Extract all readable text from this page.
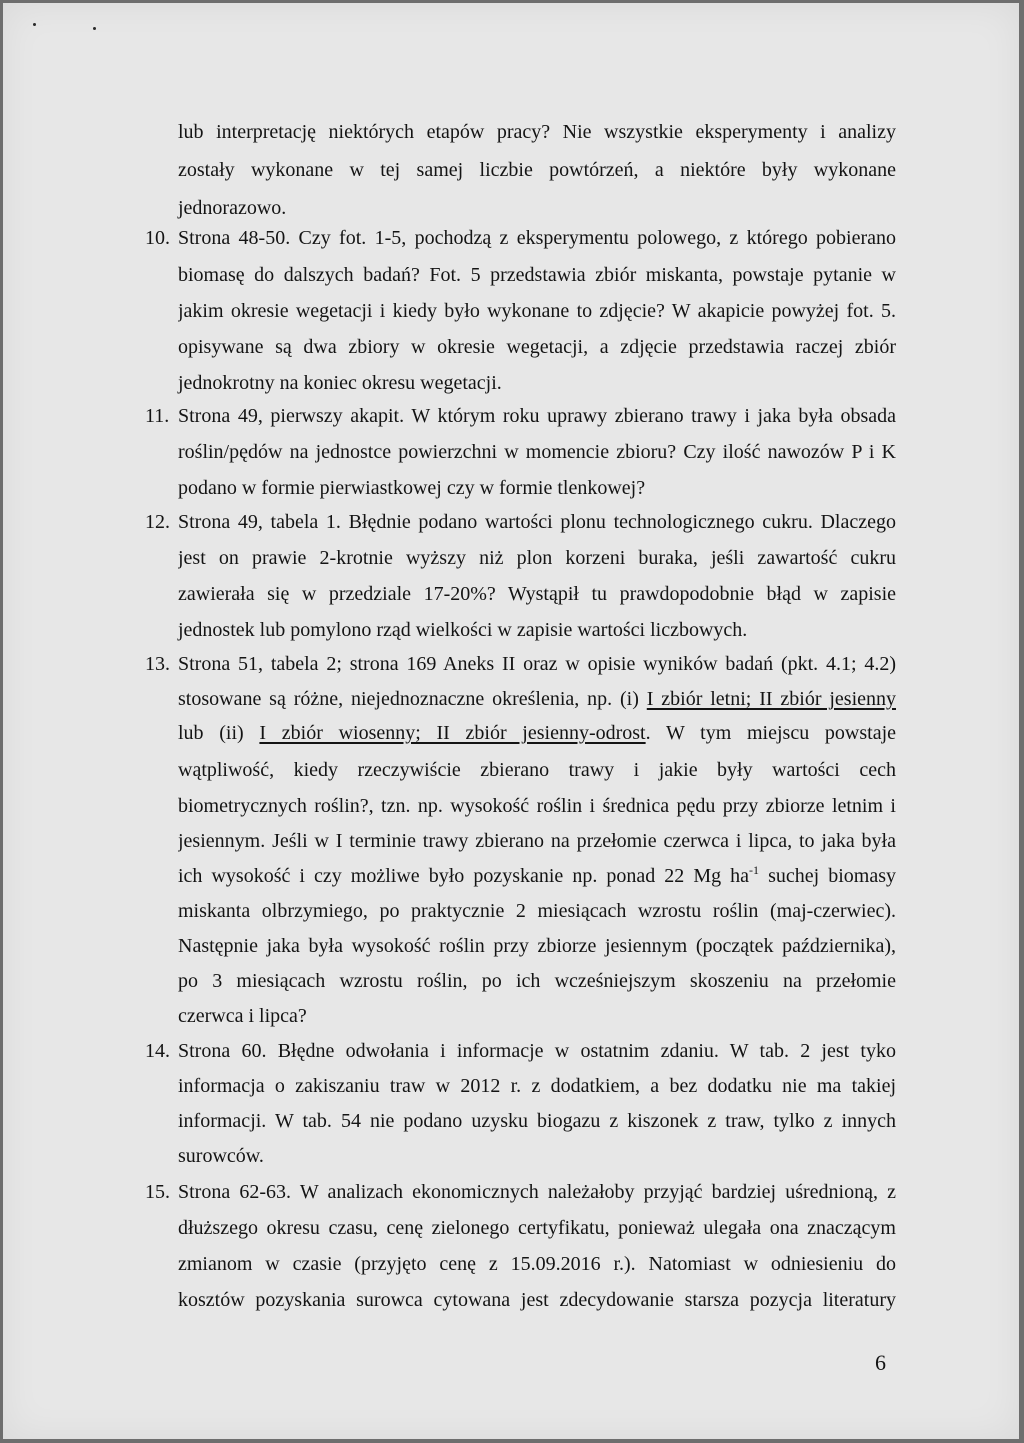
lub interpretację niektórych etapów pracy? Nie wszystkie eksperymenty i analizy
zostały wykonane w tej samej liczbie powtórzeń, a niektóre były wykonane
jednorazowo.
10. Strona 48-50. Czy fot. 1-5, pochodzą z eksperymentu polowego, z którego pobierano
biomasę do dalszych badań? Fot. 5 przedstawia zbiór miskanta, powstaje pytanie w
jakim okresie wegetacji i kiedy było wykonane to zdjęcie? W akapicie powyżej fot. 5.
opisywane są dwa zbiory w okresie wegetacji, a zdjęcie przedstawia raczej zbiór
jednokrotny na koniec okresu wegetacji.
11. Strona 49, pierwszy akapit. W którym roku uprawy zbierano trawy i jaka była obsada
roślin/pędów na jednostce powierzchni w momencie zbioru? Czy ilość nawozów P i K
podano w formie pierwiastkowej czy w formie tlenkowej?
12. Strona 49, tabela 1. Błędnie podano wartości plonu technologicznego cukru. Dlaczego
jest on prawie 2-krotnie wyższy niż plon korzeni buraka, jeśli zawartość cukru
zawierała się w przedziale 17-20%? Wystąpił tu prawdopodobnie błąd w zapisie
jednostek lub pomylono rząd wielkości w zapisie wartości liczbowych.
13. Strona 51, tabela 2; strona 169 Aneks II oraz w opisie wyników badań (pkt. 4.1; 4.2)
stosowane są różne, niejednoznaczne określenia, np. (i) I zbiór letni; II zbiór jesienny
lub (ii) I zbiór wiosenny; II zbiór jesienny-odrost. W tym miejscu powstaje
wątpliwość, kiedy rzeczywiście zbierano trawy i jakie były wartości cech
biometrycznych roślin?, tzn. np. wysokość roślin i średnica pędu przy zbiorze letnim i
jesiennym. Jeśli w I terminie trawy zbierano na przełomie czerwca i lipca, to jaka była
ich wysokość i czy możliwe było pozyskanie np. ponad 22 Mg $ha^{-1}$ suchej biomasy
miskanta olbrzymiego, po praktycznie 2 miesiącach wzrostu roślin (maj-czerwiec).
Następnie jaka była wysokość roślin przy zbiorze jesiennym (początek października),
po 3 miesiącach wzrostu roślin, po ich wcześniejszym skoszeniu na przełomie
czerwca i lipca?
14. Strona 60. Błędne odwołania i informacje w ostatnim zdaniu. W tab. 2 jest tyko
informacja o zakiszaniu traw w 2012 r. z dodatkiem, a bez dodatku nie ma takiej
informacji. W tab. 54 nie podano uzysku biogazu z kiszonek z traw, tylko z innych
surowców.
15. Strona 62-63. W analizach ekonomicznych należałoby przyjąć bardziej uśrednioną, z
dłuższego okresu czasu, cenę zielonego certyfikatu, ponieważ ulegała ona znaczącym
zmianom w czasie (przyjęto cenę z 15.09.2016 r.). Natomiast w odniesieniu do
kosztów pozyskania surowca cytowana jest zdecydowanie starsza pozycja literatury
6
